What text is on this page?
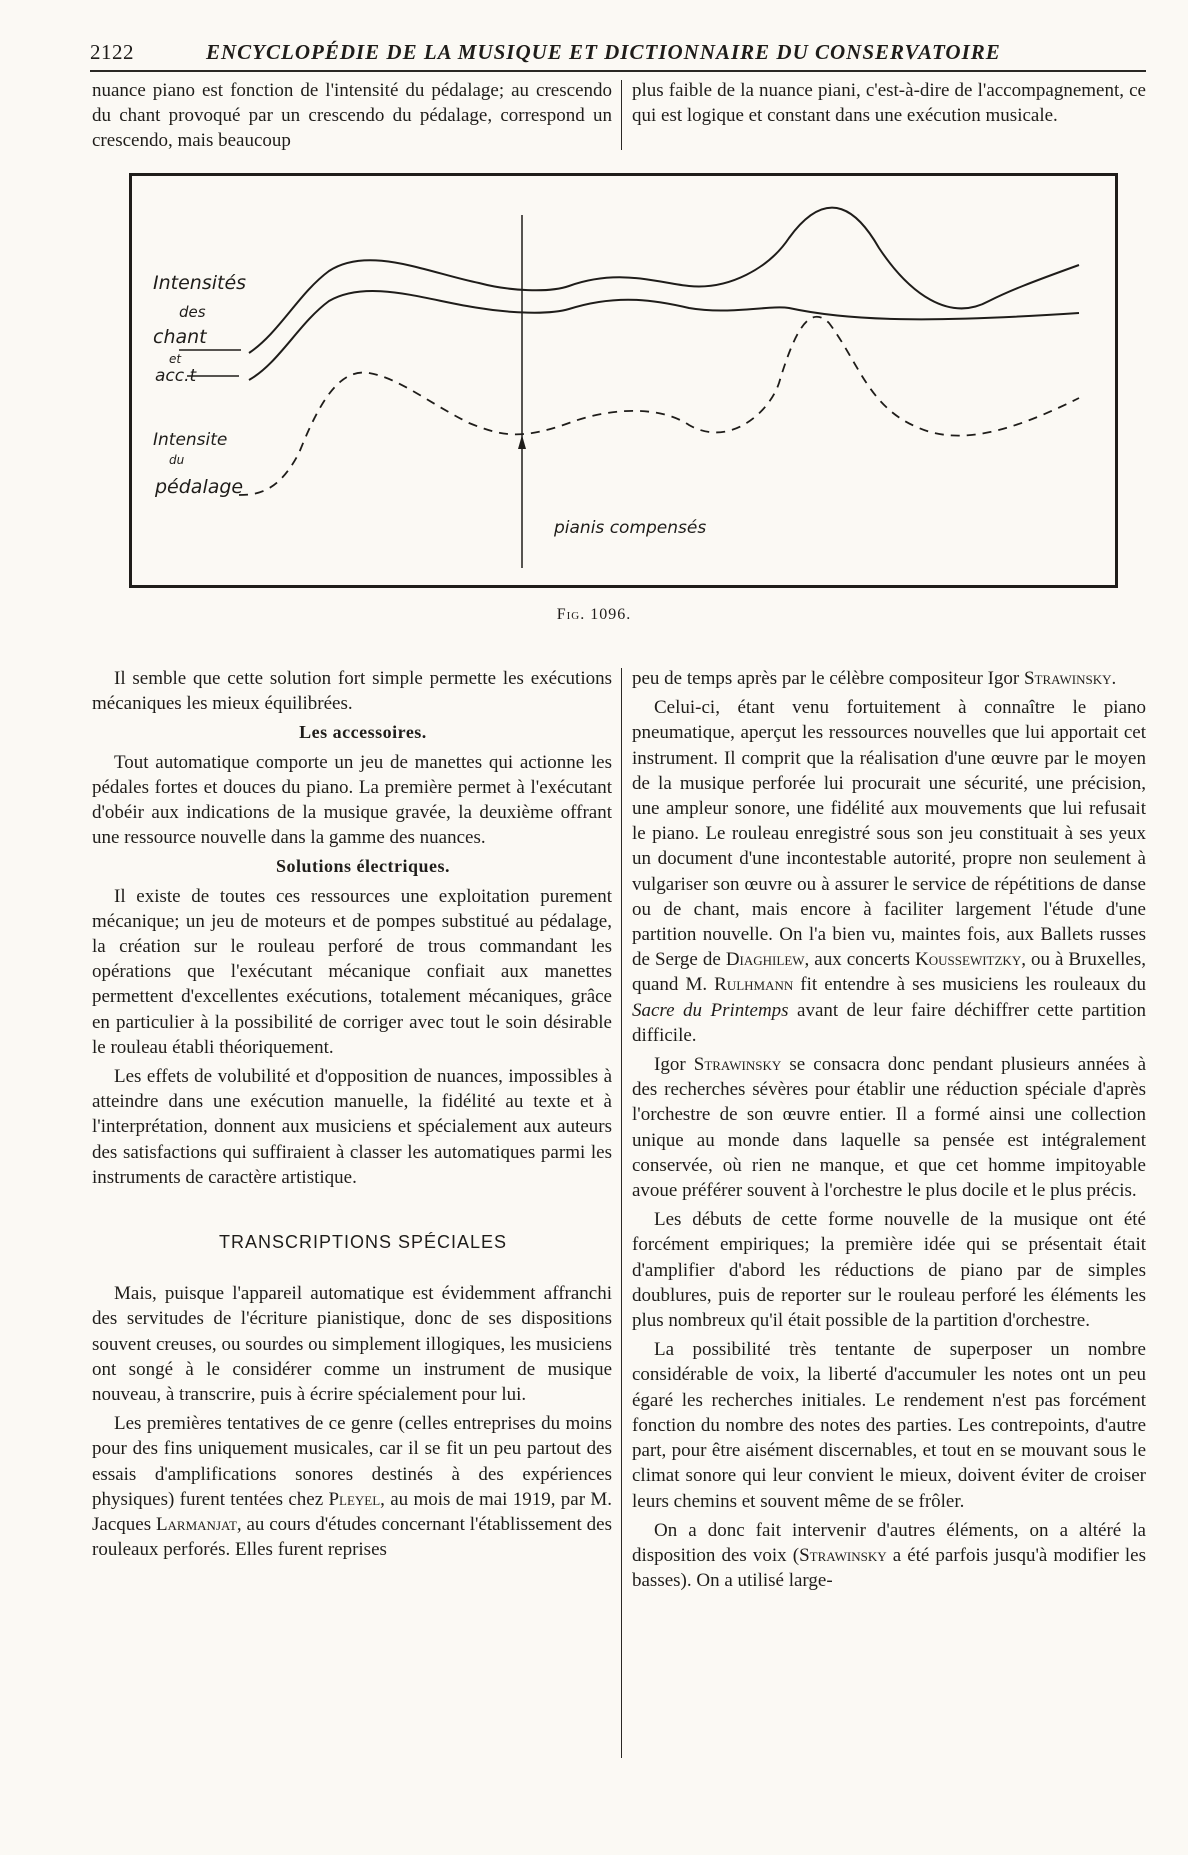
2122	ENCYCLOPÉDIE DE LA MUSIQUE ET DICTIONNAIRE DU CONSERVATOIRE

nuance piano est fonction de l'intensité du pédalage; au crescendo du chant provoqué par un crescendo du pédalage, correspond un crescendo, mais beaucoup

plus faible de la nuance piani, c'est-à-dire de l'accompagnement, ce qui est logique et constant dans une exécution musicale.

Intensités
des
chant
et
acc.t
Intensite
du
pédalage
pianis compensés
Fig. 1096.

Il semble que cette solution fort simple permette les exécutions mécaniques les mieux équilibrées.

Les accessoires.

Tout automatique comporte un jeu de manettes qui actionne les pédales fortes et douces du piano. La première permet à l'exécutant d'obéir aux indications de la musique gravée, la deuxième offrant une ressource nouvelle dans la gamme des nuances.

Solutions électriques.

Il existe de toutes ces ressources une exploitation purement mécanique; un jeu de moteurs et de pompes substitué au pédalage, la création sur le rouleau perforé de trous commandant les opérations que l'exécutant mécanique confiait aux manettes permettent d'excellentes exécutions, totalement mécaniques, grâce en particulier à la possibilité de corriger avec tout le soin désirable le rouleau établi théoriquement.

Les effets de volubilité et d'opposition de nuances, impossibles à atteindre dans une exécution manuelle, la fidélité au texte et à l'interprétation, donnent aux musiciens et spécialement aux auteurs des satisfactions qui suffiraient à classer les automatiques parmi les instruments de caractère artistique.

TRANSCRIPTIONS SPÉCIALES

Mais, puisque l'appareil automatique est évidemment affranchi des servitudes de l'écriture pianistique, donc de ses dispositions souvent creuses, ou sourdes ou simplement illogiques, les musiciens ont songé à le considérer comme un instrument de musique nouveau, à transcrire, puis à écrire spécialement pour lui.

Les premières tentatives de ce genre (celles entreprises du moins pour des fins uniquement musicales, car il se fit un peu partout des essais d'amplifications sonores destinés à des expériences physiques) furent tentées chez Pleyel, au mois de mai 1919, par M. Jacques Larmanjat, au cours d'études concernant l'établissement des rouleaux perforés. Elles furent reprises

peu de temps après par le célèbre compositeur Igor Strawinsky.

Celui-ci, étant venu fortuitement à connaître le piano pneumatique, aperçut les ressources nouvelles que lui apportait cet instrument. Il comprit que la réalisation d'une œuvre par le moyen de la musique perforée lui procurait une sécurité, une précision, une ampleur sonore, une fidélité aux mouvements que lui refusait le piano. Le rouleau enregistré sous son jeu constituait à ses yeux un document d'une incontestable autorité, propre non seulement à vulgariser son œuvre ou à assurer le service de répétitions de danse ou de chant, mais encore à faciliter largement l'étude d'une partition nouvelle. On l'a bien vu, maintes fois, aux Ballets russes de Serge de Diaghilew, aux concerts Koussewitzky, ou à Bruxelles, quand M. Rulhmann fit entendre à ses musiciens les rouleaux du Sacre du Printemps avant de leur faire déchiffrer cette partition difficile.

Igor Strawinsky se consacra donc pendant plusieurs années à des recherches sévères pour établir une réduction spéciale d'après l'orchestre de son œuvre entier. Il a formé ainsi une collection unique au monde dans laquelle sa pensée est intégralement conservée, où rien ne manque, et que cet homme impitoyable avoue préférer souvent à l'orchestre le plus docile et le plus précis.

Les débuts de cette forme nouvelle de la musique ont été forcément empiriques; la première idée qui se présentait était d'amplifier d'abord les réductions de piano par de simples doublures, puis de reporter sur le rouleau perforé les éléments les plus nombreux qu'il était possible de la partition d'orchestre.

La possibilité très tentante de superposer un nombre considérable de voix, la liberté d'accumuler les notes ont un peu égaré les recherches initiales. Le rendement n'est pas forcément fonction du nombre des notes des parties. Les contrepoints, d'autre part, pour être aisément discernables, et tout en se mouvant sous le climat sonore qui leur convient le mieux, doivent éviter de croiser leurs chemins et souvent même de se frôler.

On a donc fait intervenir d'autres éléments, on a altéré la disposition des voix (Strawinsky a été parfois jusqu'à modifier les basses). On a utilisé large-
